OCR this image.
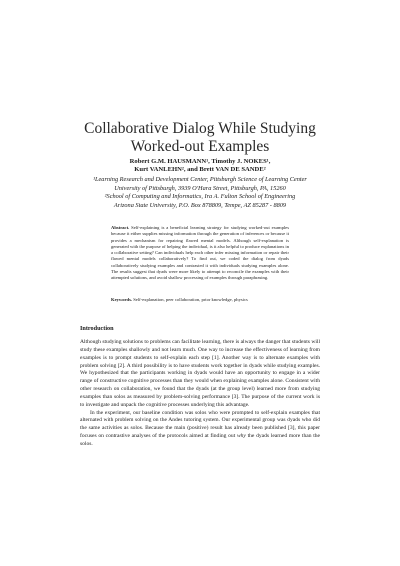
Collaborative Dialog While Studying
Worked-out Examples
Robert G.M. HAUSMANN¹, Timothy J. NOKES¹,
Kurt VANLEHN², and Brett VAN DE SANDE²
¹Learning Research and Development Center, Pittsburgh Science of Learning Center
University of Pittsburgh, 3939 O'Hara Street, Pittsburgh, PA, 15260
²School of Computing and Informatics, Ira A. Fulton School of Engineering
Arizona State University, P.O. Box 878809, Tempe, AZ 85287 - 8809
Abstract. Self-explaining is a beneficial learning strategy for studying worked-out examples because it either supplies missing information through the generation of inferences or because it provides a mechanism for repairing flawed mental models. Although self-explanation is generated with the purpose of helping the individual, is it also helpful to produce explanations in a collaborative setting? Can individuals help each other infer missing information or repair their flawed mental models collaboratively? To find out, we coded the dialog from dyads collaboratively studying examples and contrasted it with individuals studying examples alone. The results suggest that dyads were more likely to attempt to reconcile the examples with their attempted solutions, and avoid shallow processing of examples through paraphrasing.
Keywords. Self-explanation, peer collaboration, prior knowledge, physics
Introduction

Although studying solutions to problems can facilitate learning, there is always the danger that students will study these examples shallowly and not learn much. One way to increase the effectiveness of learning from examples is to prompt students to self-explain each step [1]. Another way is to alternate examples with problem solving [2]. A third possibility is to have students work together in dyads while studying examples. We hypothesized that the participants working in dyads would have an opportunity to engage in a wider range of constructive cognitive processes than they would when explaining examples alone. Consistent with other research on collaboration, we found that the dyads (at the group level) learned more from studying examples than solos as measured by problem-solving performance [3]. The purpose of the current work is to investigate and unpack the cognitive processes underlying this advantage.

In the experiment, our baseline condition was solos who were prompted to self-explain examples that alternated with problem solving on the Andes tutoring system. Our experimental group was dyads who did the same activities as solos. Because the main (positive) result has already been published [3], this paper focuses on contrastive analyses of the protocols aimed at finding out why the dyads learned more than the solos.
